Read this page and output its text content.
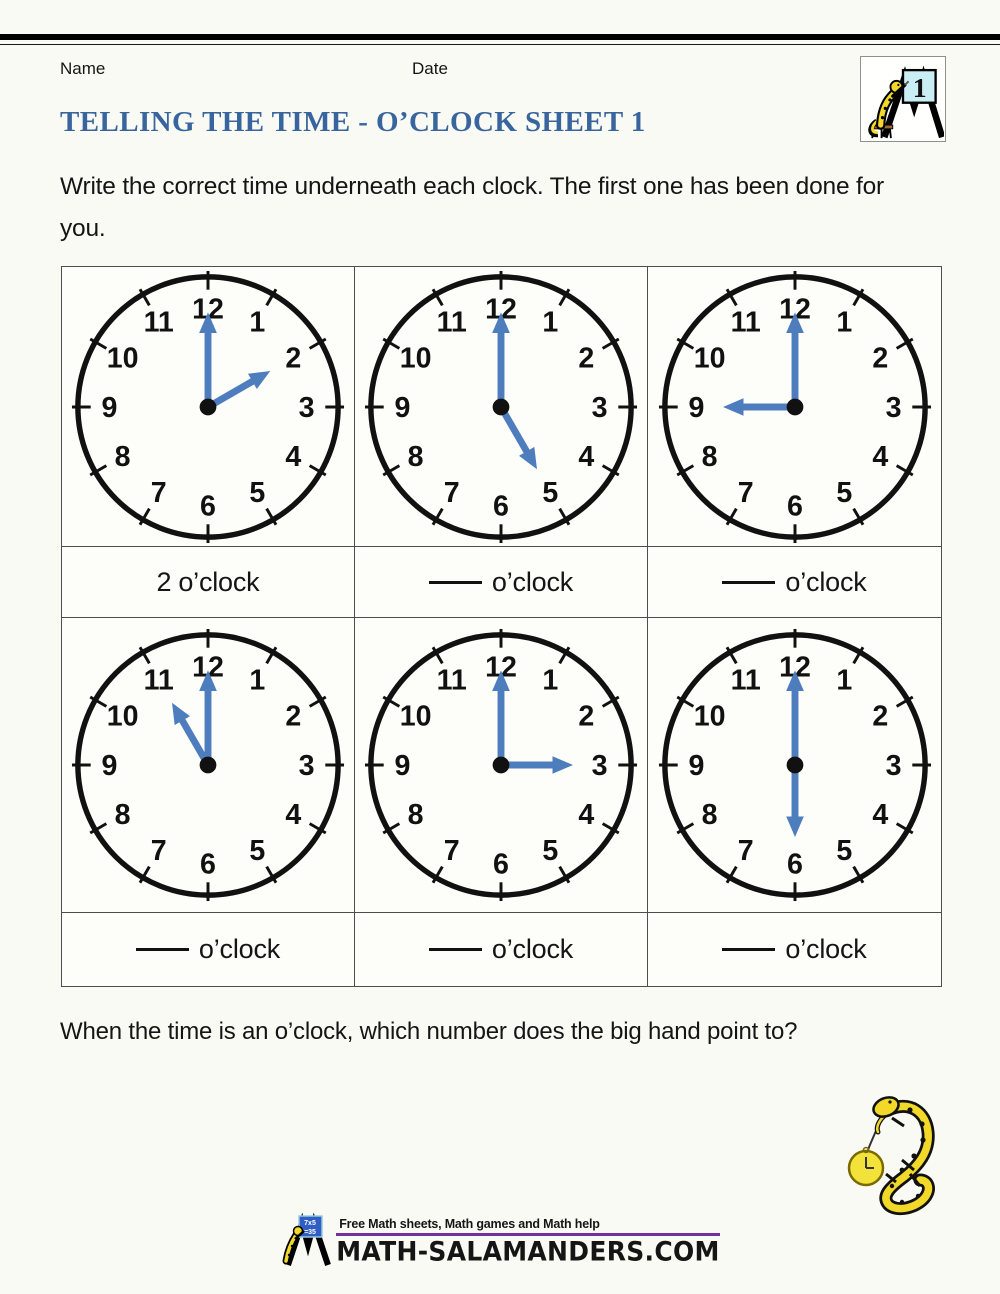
Name	Date
1
TELLING THE TIME - O’CLOCK SHEET 1

Write the correct time underneath each clock. The first one has been done for you.

12 1
2
3
4
5
6
7
8
9
10
11	12 1
2
3
4
5
6
7
8
9
10
11	12 1
2
3
4
5
6
7
8
9
10
11
2 o’clock	o’clock	o’clock
12 1
2
3
4
5
6
7
8
9
10
11	12 1
2
3
4
5
6
7
8
9
10
11	12 1
2
3
4
5
6
7
8
9
10
11
o’clock	o’clock	o’clock

When the time is an o’clock, which number does the big hand point to?

7x5
=35
Free Math sheets, Math games and Math help
MATH-SALAMANDERS.COM
